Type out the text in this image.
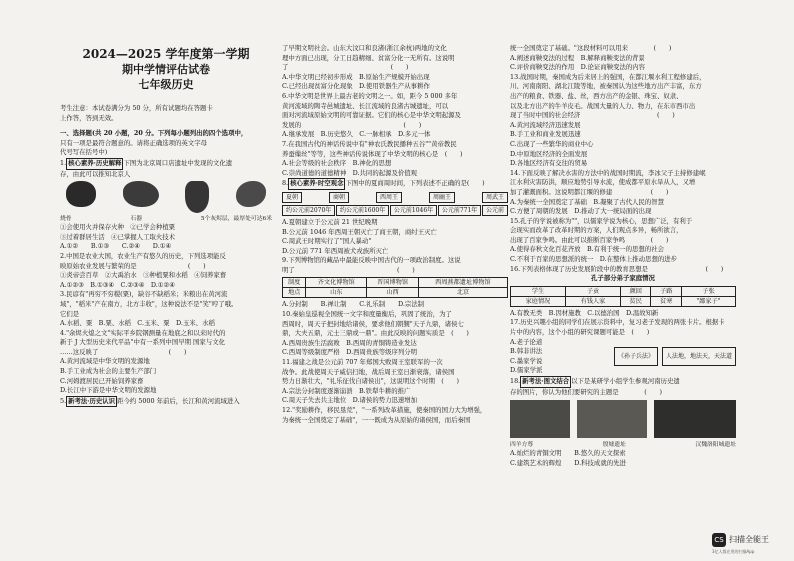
2024—2025 学年度第一学期
期中学情评估试卷
七年级历史
考生注意：本试卷满分为 50 分，所有试题均在答题卡
上作答，答到无效。
一、选择题(共 20 小题，20 分。下列每小题列出的四个选项中，
只有一项是最符合题意的。请将正确选项的英文字母
代号写在括号中)
1. 核心素养·历史解释 下图为北京周口店遗址中发现的文化遗
存，由此可以推知北京人
烧骨	石器	5个灰烬层，最厚处可达6米
①会使用火并保存火种　 ②已学会种植粟
③过着群居生活　 ④已掌握人工取火技术
A.①②　　 B.①③　　 C.②④　　 D.①④
2.中国是农业大国，农业生产有悠久的历史，下列选项能反
映原始农业发展与繁荣的是　　　　　　　　	(　　)
①炎帝尝百草　 ②大禹治水　 ③种植粟和水稻　 ④饲养家畜
A.①②③　 B.①③④　 C.②③④　 D.①②④
3.民谚有"再穷不穷稷(粟)，缺谷不缺稻米；米粮出在黄河流
域"，"稻米"产在南方，北方丰收"，这种说法不是"笑"哼了哦。
它们是
A.水稻、粟　 B.粟、水稻　 C.玉米、粟　 D.玉米、水稻
4."余烬火熄之文"实际平乡院钢测量在地底之和以来时代的
新于 J 大型历史来代平品"中有一系列中国早期 国家与文化
……这反映了　　　　　　　　　　　	(　　)
A.黄河流域是中华文明的发源地
B.手工业成为社会的主要生产部门
C.河姆渡居民已开始饲养家畜
D.长江中下游是中华文明的发源地
5. 新考法·历史认识 距今约 5000 年前后，长江和黄河流域进入
了早期文明社会。山东大汶口和良渚(浙江余杭)两地的文化
理中方面已出现，分工日趋精细、贫富分化一无所有。这说明
了　　　　　　　　　　　　　　　　	(　　)
A.中华文明已经初步形成　 B.原始生产规模开始出现
C.已经出现贫富分化现象　 D.使用铁器生产从事耕作
6.中华文明是世界上最古老的文明之一。如，距今 5 000 多年
黄河流域的陶寺邑城遗址、长江流域的良渚古城遗址，可以
面对河流域原始文明的可靠证据。它们的核心是中华文明起源及
发展的　　　　　　　　　　　　　　　　	(　　)
A.继承发展　 B.历史悠久　 C.一脉相承　 D.多元一体
7.在我国古代的神话传说中有"神农氏教民播种五谷""黄帝教民
养蚕缫丝"等等，这些神话传说体现了中华文明的核心是　 (　　)
A.社会等级的社会秩序　 B.神化的思想
C.崇尚道德的道德精神　 D.共同的起源及价值观
8. 核心素养·时空观念 下图中的夏商周时间，下列表述不正确的是(　　)
夏朝	商朝	西周王	周幽王	周武王
约公元前2070年	约公元前1600年	公元前1046年	公元前771年	公元前
A.夏朝建立于公元前 21 世纪晚期
B.公元前 1046 年西周王朝灭亡了商王朝，商纣王灭亡
C.周武王时期实行了"国人暴动"
D.公元前 771 年西周被犬戎族所灭亡
9.下列博物馆的藏品中最能反映中国古代的一项政治制度。这说
明了　　　　　　　　　　　　　　　　	(　　)
制度	齐文化博物馆	晋国博物馆	西周燕都遗址博物馆
地点	山东	山西	北京
A.分封制　　 B.禅让制　　 C.礼乐制　　 D.宗法制
10.秦始皇巡视全国统一文字和度量衡后，巩固了统治，为了
西周时，周天子把封地给诸侯，要求他们朝觐"天子九鼎，诸侯七
鼎，大夫五鼎，元士三鼎或一鼎"。由此反映的问题实质是　 (　　)
A.西周贵族生活腐败　 B.西周的青铜铸造业发达
C.西周等级制度严格　 D.西周贵族等级序列分明
11.福建之战是公元前 707 年郑国大败周王室联军的一次
战争。此战使周天子威信扫地，战后周王室日渐衰落，诸侯国
势力日渐壮大，"礼乐征伐自诸侯出"，这说明这个时期　 (　　)
A.宗法分封制度逐渐崩溃　 B.铁犁牛耕的推广
C.周天子失去共主地位　 D.诸侯的势力迅速增加
12."奖励耕作，移民垦荒"，"一系列改革措施，使秦国的国力大为增强，
为秦统一全国奠定了基础"，一一既成为从原始的诸侯国，而后秦国
统一全国奠定了基础。"这段材料可以用来　　　　	(　　)
A.阐述商鞅变法的过程　 B.解释商鞅变法的背景
C.评价商鞅变法的作用　 D.论证商鞅变法的内容
13.战国时期，秦国成为后来居上的强国，在都江堰水利工程修建后，
川、河南南阳、湖北江陵等地，被秦国认为这些地方出产丰富，东方
出产的粮食、铁器、盐、丝，西方出产的金银、珠宝、奴隶、
以及北方出产的牛羊皮毛。战国大量的人力、物力，在东市西市出
现了当时中国的社会经济　　　　　　　　　　　　	(　　)
A.黄河流域经济迅速发展
B.手工业和商业发展迅速
C.出现了一些繁华的商业中心
D.中原地区经济的全面发展
D.各地区经济有交往的贸易
14.下面反映了解决水害的方法中的战国时期流，李冰父子主持修建岷
江水利灾害防洪，顺应地势引导水流，使成都平原水旱从人，又增
加了灌溉面积。这说明都江堰的修建　　　　　　	(　　)
A.为秦统一全国奠定了基础　 B.凝聚了古代人民的智慧
C.方便了周朝的发展　 D.推动了大一统局面的出现
15.孔子的学说被称为""，以儒家学说为核心，思想广泛，有利于
会现实而改革了改革时期的方案，人们观点多异，畅所欲言，
出现了百家争鸣。由此可以推断百家争鸣　　　　	(　　)
A.使得春秋文化百花齐放　 B.有利于统一的思想的社会
C.不利于百家的思想派的统一　 D.在整体上推动思想的进步
16.下列表格体现了历史发展阶段中的教育思想是　　　　　　　　　	(　　)
孔子部分弟子家庭情况
学生	子贡	颜回	子路	子张
家庭情况	有钱人家	贫民	贫寒	"鄙家子"
A.有教无类　 B.因材施教　 C.以德治国　 D.温故知新
17.历史兴趣小组的同学们在展示资料中，复习老子发现的两张卡片。根据卡
片中的内容，这个小组的研究课题可能是　 (　　)
A.老子论道
B.韩非讲法
C.墨家学说
D.儒家学派
《孙子兵法》	人法地，地法天，天法道
18. 新考法·图文结合 以下是某研学小组学生参观河南历史遗
存的图片，你认为他们要研究的主题是　　　　	(　　)
四羊方尊	殷墟遗址	汉魏洛阳城遗址
A.灿烂的青铜文明　　 B.悠久的天文探索
C.建筑艺术的辉煌　　 D.科技成就的先进
CS 扫描全能王
3亿人都在用的扫描App
